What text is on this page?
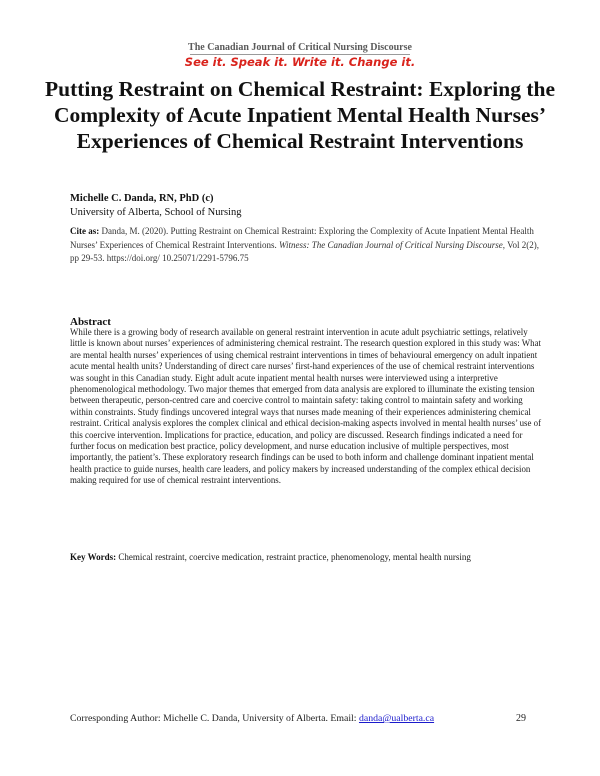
The Canadian Journal of Critical Nursing Discourse
See it. Speak it. Write it. Change it.
Putting Restraint on Chemical Restraint: Exploring the Complexity of Acute Inpatient Mental Health Nurses’ Experiences of Chemical Restraint Interventions
Michelle C. Danda, RN, PhD (c)
University of Alberta, School of Nursing
Cite as: Danda, M. (2020). Putting Restraint on Chemical Restraint: Exploring the Complexity of Acute Inpatient Mental Health Nurses’ Experiences of Chemical Restraint Interventions. Witness: The Canadian Journal of Critical Nursing Discourse, Vol 2(2), pp 29-53. https://doi.org/ 10.25071/2291-5796.75
Abstract

While there is a growing body of research available on general restraint intervention in acute adult psychiatric settings, relatively little is known about nurses’ experiences of administering chemical restraint. The research question explored in this study was: What are mental health nurses’ experiences of using chemical restraint interventions in times of behavioural emergency on adult inpatient acute mental health units? Understanding of direct care nurses’ first-hand experiences of the use of chemical restraint interventions was sought in this Canadian study. Eight adult acute inpatient mental health nurses were interviewed using a interpretive phenomenological methodology. Two major themes that emerged from data analysis are explored to illuminate the existing tension between therapeutic, person-centred care and coercive control to maintain safety: taking control to maintain safety and working within constraints. Study findings uncovered integral ways that nurses made meaning of their experiences administering chemical restraint. Critical analysis explores the complex clinical and ethical decision-making aspects involved in mental health nurses’ use of this coercive intervention. Implications for practice, education, and policy are discussed. Research findings indicated a need for further focus on medication best practice, policy development, and nurse education inclusive of multiple perspectives, most importantly, the patient’s. These exploratory research findings can be used to both inform and challenge dominant inpatient mental health practice to guide nurses, health care leaders, and policy makers by increased understanding of the complex ethical decision making required for use of chemical restraint interventions.

Key Words: Chemical restraint, coercive medication, restraint practice, phenomenology, mental health nursing
Corresponding Author: Michelle C. Danda, University of Alberta. Email: danda@ualberta.ca	29
